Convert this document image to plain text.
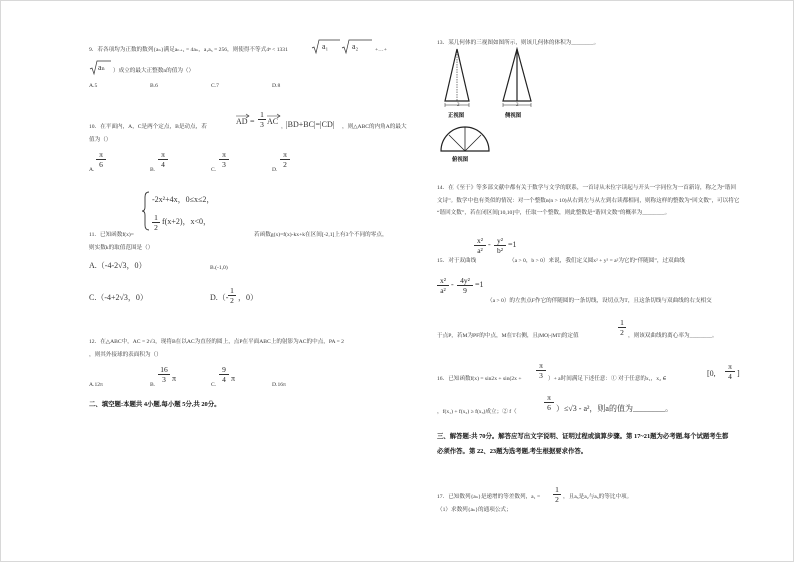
9．若各项均为正数的数列{aₙ}满足aₙ₊₁ = 4aₙ，a₁a₅ = 256，则使得不等式4ⁿ < 1331	a₁	a₂	+…+
aₙ ）成立的最大正整数n的值为（）
A.5	B.6	C.7	D.8
10．在平面内，A，C是两个定点，B是动点，若
AD =
1
3 AC
， |BD+BC|=|CD| ，则△ABC的内角A的最大
值为（）
A.
π
6
B.
π
4
C.
π
3
D.
π
2
-2x²+4x，0≤x≤2，
1
2
f(x+2)，x<0，
11．已知函数f(x)=	若函数g(x)=f(x)-kx+k在区间[-2,1]上有3个不同的零点，
则实数k的取值范围是（）
A.（-4-2√3，0）	B.(-1,0)
C.（-4+2√3，0）	D.（-
1
2 ，0）
12．在△ABC中，AC = 2√3，现将B在以AC为直径的圆上，点P在平面ABC上的射影为AC的中点，PA = 2
，则其外接球的表面积为（）
A.12π	B.
16
3 π
C.
9
4 π
D.16π
二、填空题:本题共 4小题,每小题 5分,共 20分。
13．某几何体的三视图如图所示，则该几何体的体积为________。
2	2
正视图	侧视图
俯视图
14．在《至于》等多部文献中都有关于数学与文学的联系，一首诗从末位字读起与开头一字同位为一首新诗，称之为“谐回
文诗”。数学中也有类似的情况：对一个整数n(n > 10)从右到左与从左到右读都相同，则称这样的整数为“回文数”，可以将它
“谐回文数”，若在闭区间[10,10]中，任取一个整数，则此整数是“谐回文数”的概率为________。
x²
a²
- y²
b²
=1
15．对于双曲线	（a > 0，b > 0）来说，我们定义圆x² + y² = a²为它的“伴随圆”，过双曲线
x²
a²
- 4y²
9
=1
（a > 0）的左焦点F作它的伴随圆的一条切线，设切点为T，且这条切线与双曲线的右支相交
于点P，若M为PF的中点，M在T右侧，且|MO|-|MT|的定值
1
2 ，则该双曲线的离心率为________。
16．已知函数f(x) = sin2x + sin(2x +
π
3 ）+ a时间满足下述任意：① 对于任意的x₁，x₂ ∈
[0,
π
4 ]
，f(x₁) + f(x₂) ≥ f(x₃)成立；② f（
π
6 ）≤√3 - a²，则a的值为________。
三、解答题:共 70分。解答应写出文字说明、证明过程或演算步骤。第 17~21题为必考题,每个试题考生都
必须作答。第 22、23题为选考题,考生根据要求作答。
1
2
17．已知数列{aₙ}是递增的等差数列，a₁ =	，且a₃是a₂与a₅的等比中项。
（1）求数列{aₙ}的通项公式；
